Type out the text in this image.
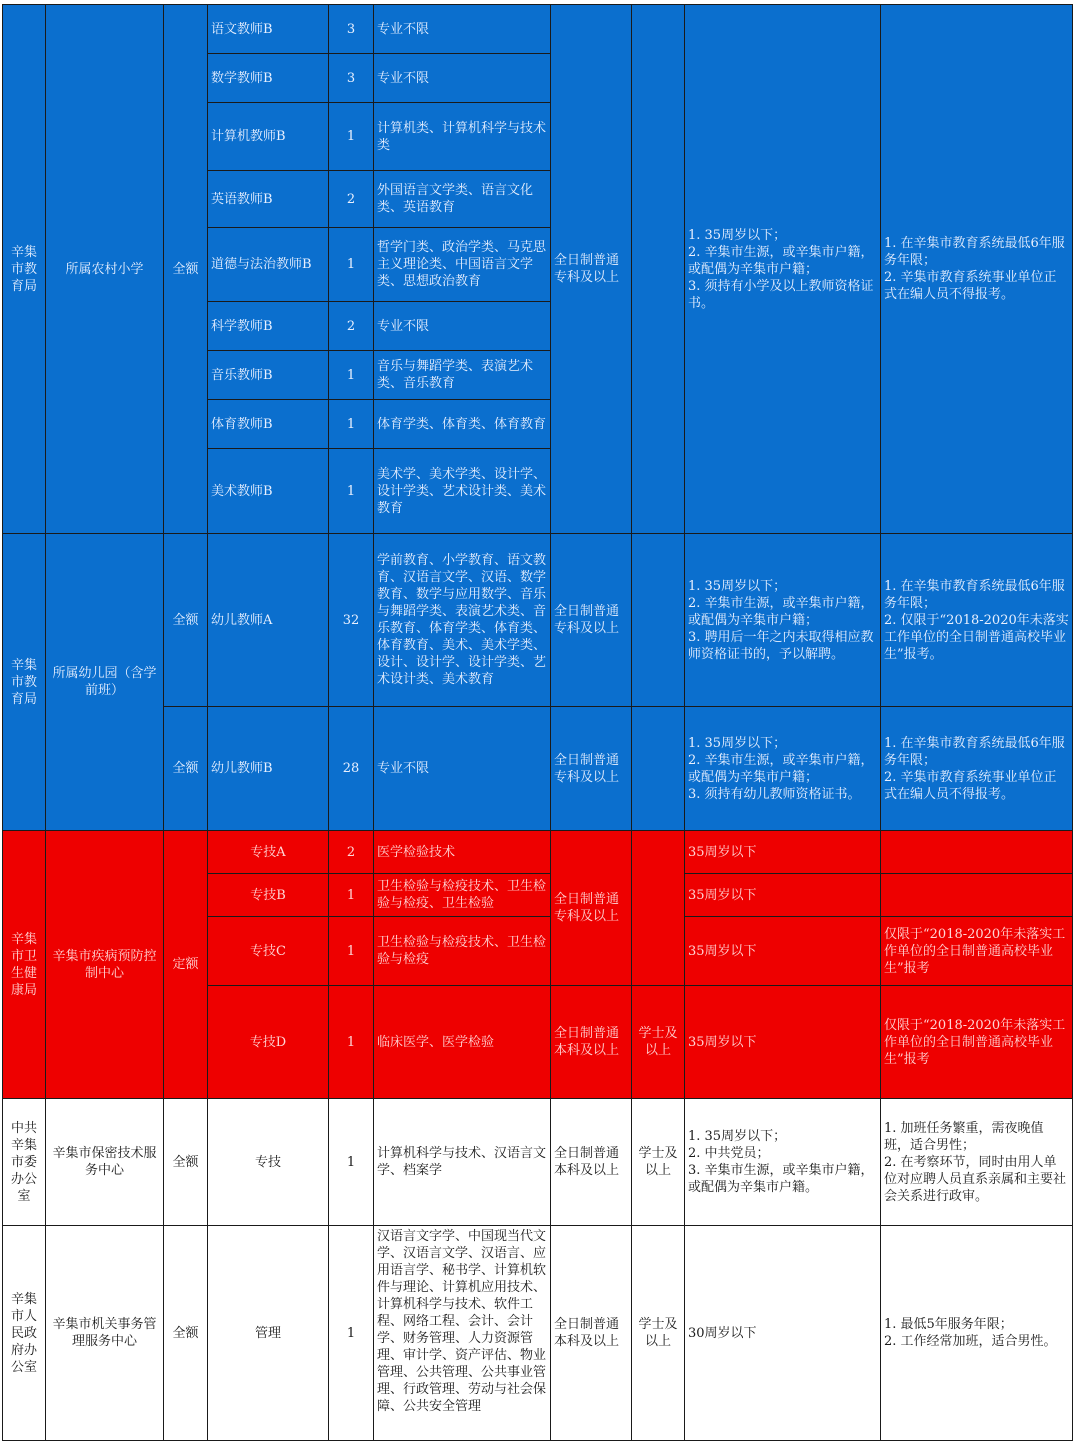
辛集市教育局	所属农村小学	全额	语文教师B	3	专业不限	全日制普通专科及以上		1. 35周岁以下；
2. 辛集市生源，或辛集市户籍，或配偶为辛集市户籍；
3. 须持有小学及以上教师资格证书。	1. 在辛集市教育系统最低6年服务年限；
2. 辛集市教育系统事业单位正式在编人员不得报考。
			数学教师B	3	专业不限				
			计算机教师B	1	计算机类、计算机科学与技术类				
			英语教师B	2	外国语言文学类、语言文化类、英语教育				
			道德与法治教师B	1	哲学门类、政治学类、马克思主义理论类、中国语言文学类、思想政治教育				
			科学教师B	2	专业不限				
			音乐教师B	1	音乐与舞蹈学类、表演艺术类、音乐教育				
			体育教师B	1	体育学类、体育类、体育教育				
			美术教师B	1	美术学、美术学类、设计学、设计学类、艺术设计类、美术教育				
辛集市教育局	所属幼儿园（含学前班）	全额	幼儿教师A	32	学前教育、小学教育、语文教育、汉语言文学、汉语、数学教育、数学与应用数学、音乐与舞蹈学类、表演艺术类、音乐教育、体育学类、体育类、体育教育、美术、美术学类、设计、设计学、设计学类、艺术设计类、美术教育	全日制普通专科及以上		1. 35周岁以下；
2. 辛集市生源，或辛集市户籍，或配偶为辛集市户籍；
3. 聘用后一年之内未取得相应教师资格证书的，予以解聘。	1. 在辛集市教育系统最低6年服务年限；
2. 仅限于“2018-2020年未落实工作单位的全日制普通高校毕业生”报考。
		全额	幼儿教师B	28	专业不限	全日制普通专科及以上		1. 35周岁以下；
2. 辛集市生源，或辛集市户籍，或配偶为辛集市户籍；
3. 须持有幼儿教师资格证书。	1. 在辛集市教育系统最低6年服务年限；
2. 辛集市教育系统事业单位正式在编人员不得报考。
辛集市卫生健康局	辛集市疾病预防控制中心	定额	专技A	2	医学检验技术	全日制普通专科及以上		35周岁以下	
			专技B	1	卫生检验与检疫技术、卫生检验与检疫、卫生检验			35周岁以下	
			专技C	1	卫生检验与检疫技术、卫生检验与检疫			35周岁以下	仅限于“2018-2020年未落实工作单位的全日制普通高校毕业生”报考
			专技D	1	临床医学、医学检验	全日制普通本科及以上	学士及以上	35周岁以下	仅限于“2018-2020年未落实工作单位的全日制普通高校毕业生”报考
中共辛集市委办公室	辛集市保密技术服务中心	全额	专技	1	计算机科学与技术、汉语言文学、档案学	全日制普通本科及以上	学士及以上	1. 35周岁以下；
2. 中共党员；
3. 辛集市生源，或辛集市户籍，或配偶为辛集市户籍。	1. 加班任务繁重，需夜晚值班，适合男性；
2. 在考察环节，同时由用人单位对应聘人员直系亲属和主要社会关系进行政审。
辛集市人民政府办公室	辛集市机关事务管理服务中心	全额	管理	1	汉语言文字学、中国现当代文学、汉语言文学、汉语言、应用语言学、秘书学、计算机软件与理论、计算机应用技术、计算机科学与技术、软件工程、网络工程、会计、会计学、财务管理、人力资源管理、审计学、资产评估、物业管理、公共管理、公共事业管理、行政管理、劳动与社会保障、公共安全管理	全日制普通本科及以上	学士及以上	30周岁以下	1. 最低5年服务年限；
2. 工作经常加班，适合男性。
